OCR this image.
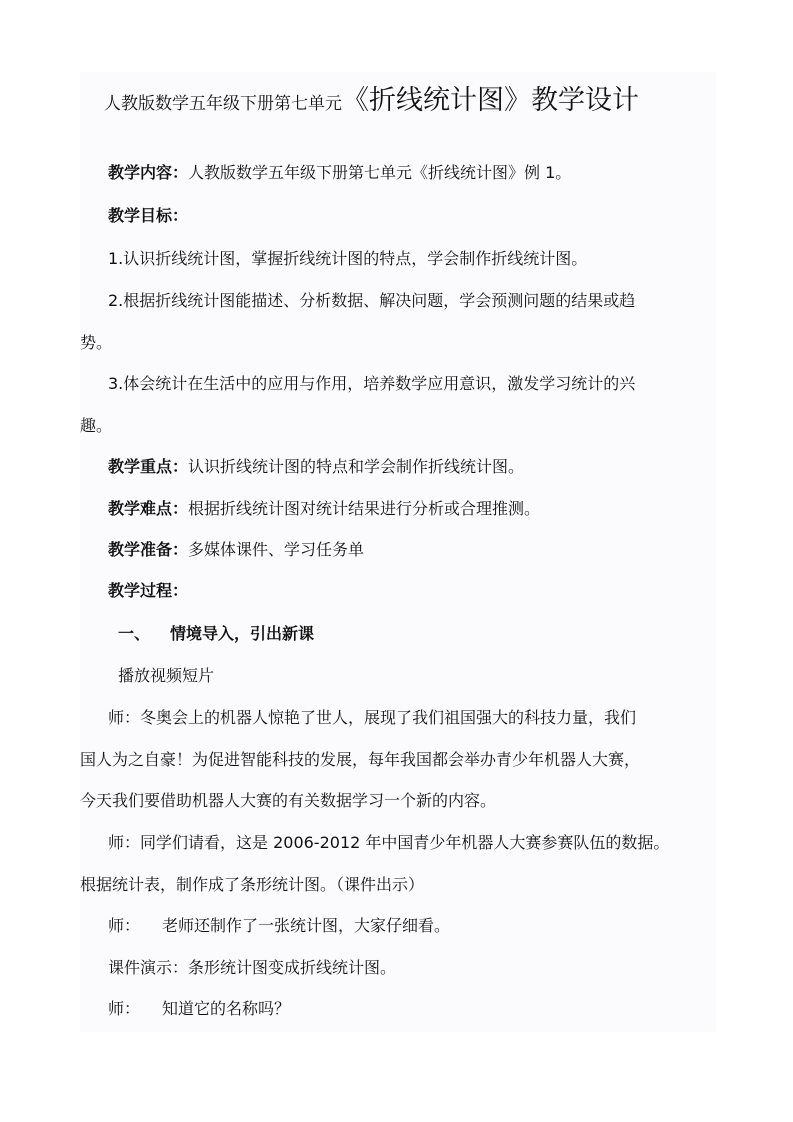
人教版数学五年级下册第七单元《折线统计图》教学设计
教学内容：人教版数学五年级下册第七单元《折线统计图》例 1。
教学目标：
1.认识折线统计图，掌握折线统计图的特点，学会制作折线统计图。
2.根据折线统计图能描述、分析数据、解决问题，学会预测问题的结果或趋
势。
3.体会统计在生活中的应用与作用，培养数学应用意识，激发学习统计的兴
趣。
教学重点：认识折线统计图的特点和学会制作折线统计图。
教学难点：根据折线统计图对统计结果进行分析或合理推测。
教学准备：多媒体课件、学习任务单
教学过程：
一、 情境导入，引出新课
播放视频短片
师：冬奥会上的机器人惊艳了世人，展现了我们祖国强大的科技力量，我们
国人为之自豪！为促进智能科技的发展，每年我国都会举办青少年机器人大赛，
今天我们要借助机器人大赛的有关数据学习一个新的内容。
师：同学们请看，这是 2006-2012 年中国青少年机器人大赛参赛队伍的数据。
根据统计表，制作成了条形统计图。（课件出示）
师： 老师还制作了一张统计图，大家仔细看。
课件演示：条形统计图变成折线统计图。
师： 知道它的名称吗？
